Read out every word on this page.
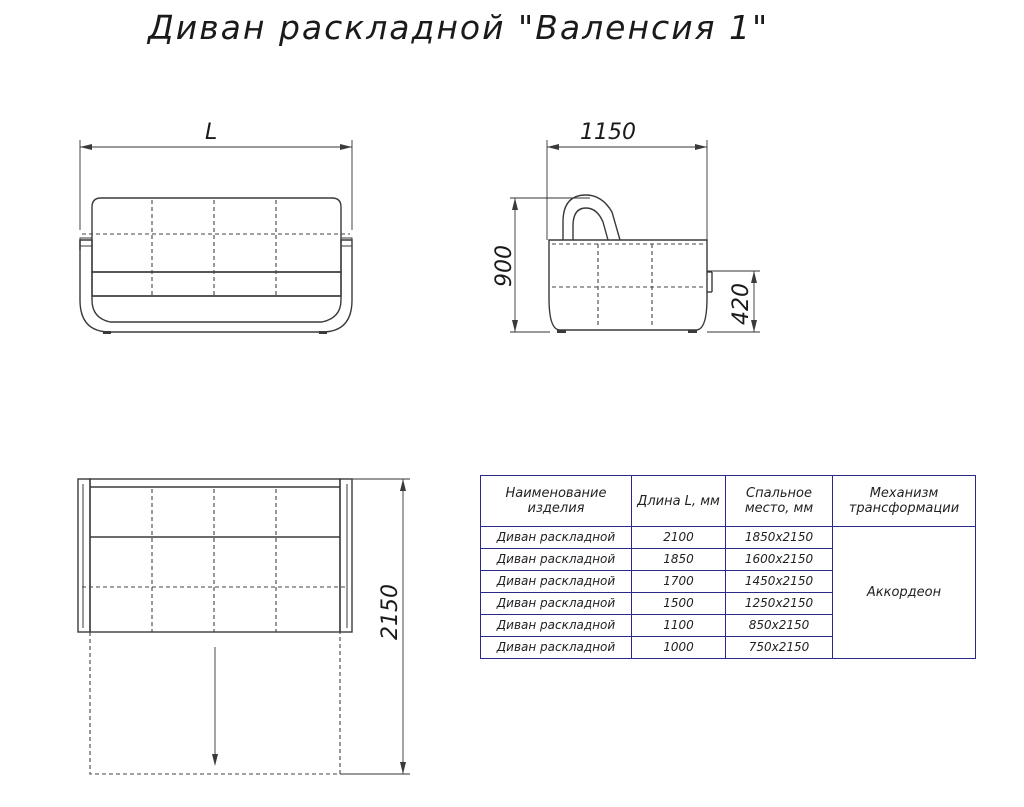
Диван раскладной "Валенсия 1"
L	1150
900
420
2150
Наименование изделия	Длина L, мм	Спальное место, мм	Механизм трансформации
Диван раскладной	2100	1850x2150	Аккордеон
Диван раскладной	1850	1600x2150	
Диван раскладной	1700	1450x2150	
Диван раскладной	1500	1250x2150	
Диван раскладной	1100	850x2150	
Диван раскладной	1000	750x2150	
